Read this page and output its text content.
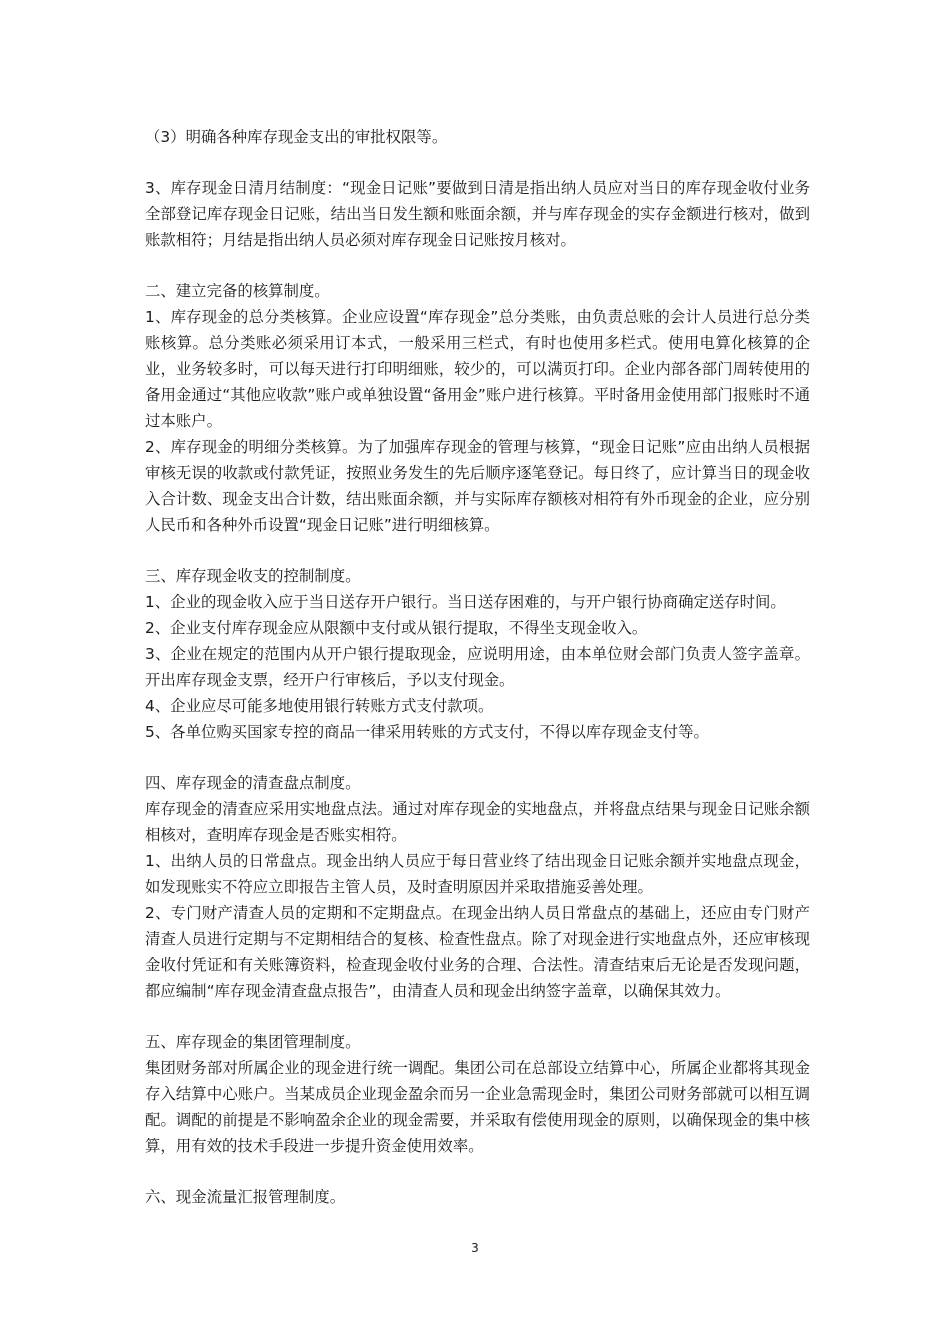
（3）明确各种库存现金支出的审批权限等。

3、库存现金日清月结制度：“现金日记账”要做到日清是指出纳人员应对当日的库存现金收付业务全部登记库存现金日记账，结出当日发生额和账面余额，并与库存现金的实存金额进行核对，做到账款相符；月结是指出纳人员必须对库存现金日记账按月核对。

二、建立完备的核算制度。

1、库存现金的总分类核算。企业应设置“库存现金”总分类账，由负责总账的会计人员进行总分类账核算。总分类账必须采用订本式，一般采用三栏式，有时也使用多栏式。使用电算化核算的企业，业务较多时，可以每天进行打印明细账，较少的，可以满页打印。企业内部各部门周转使用的备用金通过“其他应收款”账户或单独设置“备用金”账户进行核算。平时备用金使用部门报账时不通过本账户。

2、库存现金的明细分类核算。为了加强库存现金的管理与核算，“现金日记账”应由出纳人员根据审核无误的收款或付款凭证，按照业务发生的先后顺序逐笔登记。每日终了，应计算当日的现金收入合计数、现金支出合计数，结出账面余额，并与实际库存额核对相符有外币现金的企业，应分别人民币和各种外币设置“现金日记账”进行明细核算。

三、库存现金收支的控制制度。

1、企业的现金收入应于当日送存开户银行。当日送存困难的，与开户银行协商确定送存时间。

2、企业支付库存现金应从限额中支付或从银行提取，不得坐支现金收入。

3、企业在规定的范围内从开户银行提取现金，应说明用途，由本单位财会部门负责人签字盖章。开出库存现金支票，经开户行审核后，予以支付现金。

4、企业应尽可能多地使用银行转账方式支付款项。

5、各单位购买国家专控的商品一律采用转账的方式支付，不得以库存现金支付等。

四、库存现金的清查盘点制度。

库存现金的清查应采用实地盘点法。通过对库存现金的实地盘点，并将盘点结果与现金日记账余额相核对，查明库存现金是否账实相符。

1、出纳人员的日常盘点。现金出纳人员应于每日营业终了结出现金日记账余额并实地盘点现金，如发现账实不符应立即报告主管人员，及时查明原因并采取措施妥善处理。

2、专门财产清查人员的定期和不定期盘点。在现金出纳人员日常盘点的基础上，还应由专门财产清查人员进行定期与不定期相结合的复核、检查性盘点。除了对现金进行实地盘点外，还应审核现金收付凭证和有关账簿资料，检查现金收付业务的合理、合法性。清查结束后无论是否发现问题，都应编制“库存现金清查盘点报告”，由清查人员和现金出纳签字盖章，以确保其效力。

五、库存现金的集团管理制度。

集团财务部对所属企业的现金进行统一调配。集团公司在总部设立结算中心，所属企业都将其现金存入结算中心账户。当某成员企业现金盈余而另一企业急需现金时，集团公司财务部就可以相互调配。调配的前提是不影响盈余企业的现金需要，并采取有偿使用现金的原则，以确保现金的集中核算，用有效的技术手段进一步提升资金使用效率。

六、现金流量汇报管理制度。

3
